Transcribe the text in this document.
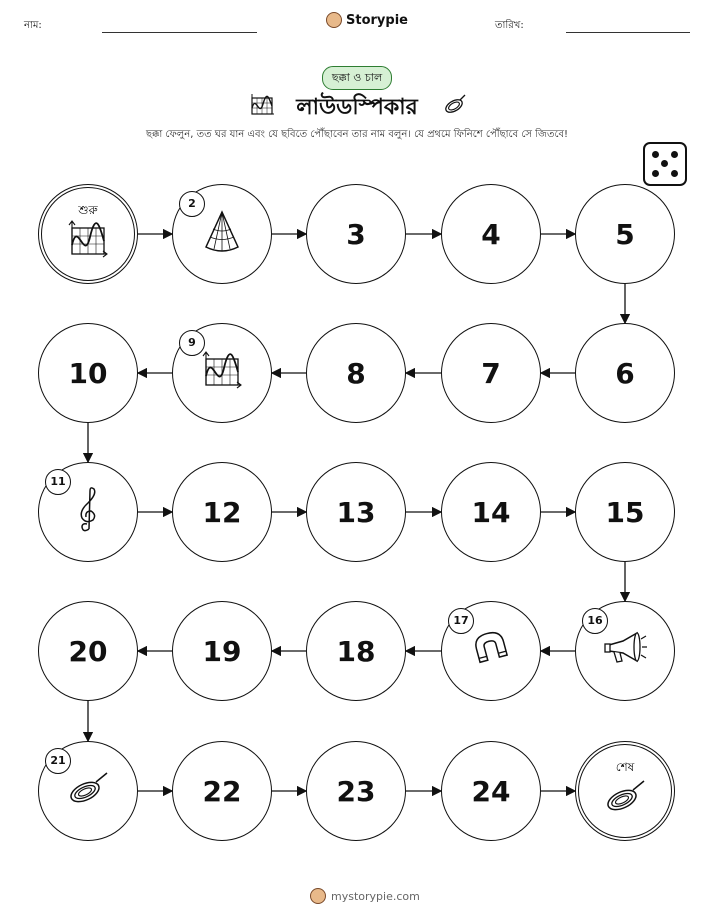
নাম:	Storypie	তারিখ:
ছক্কা ও চাল
লাউডস্পিকার
ছক্কা ফেলুন, তত ঘর যান এবং যে ছবিতে পৌঁছাবেন তার নাম বলুন। যে প্রথমে ফিনিশে পৌঁছাবে সে জিতবে!
শুরু	2
3	4	5
6
7
8
9
10
11
12	13	14	15
16
17
18
19
20
21
22	23	24
শেষ
mystorypie.com
